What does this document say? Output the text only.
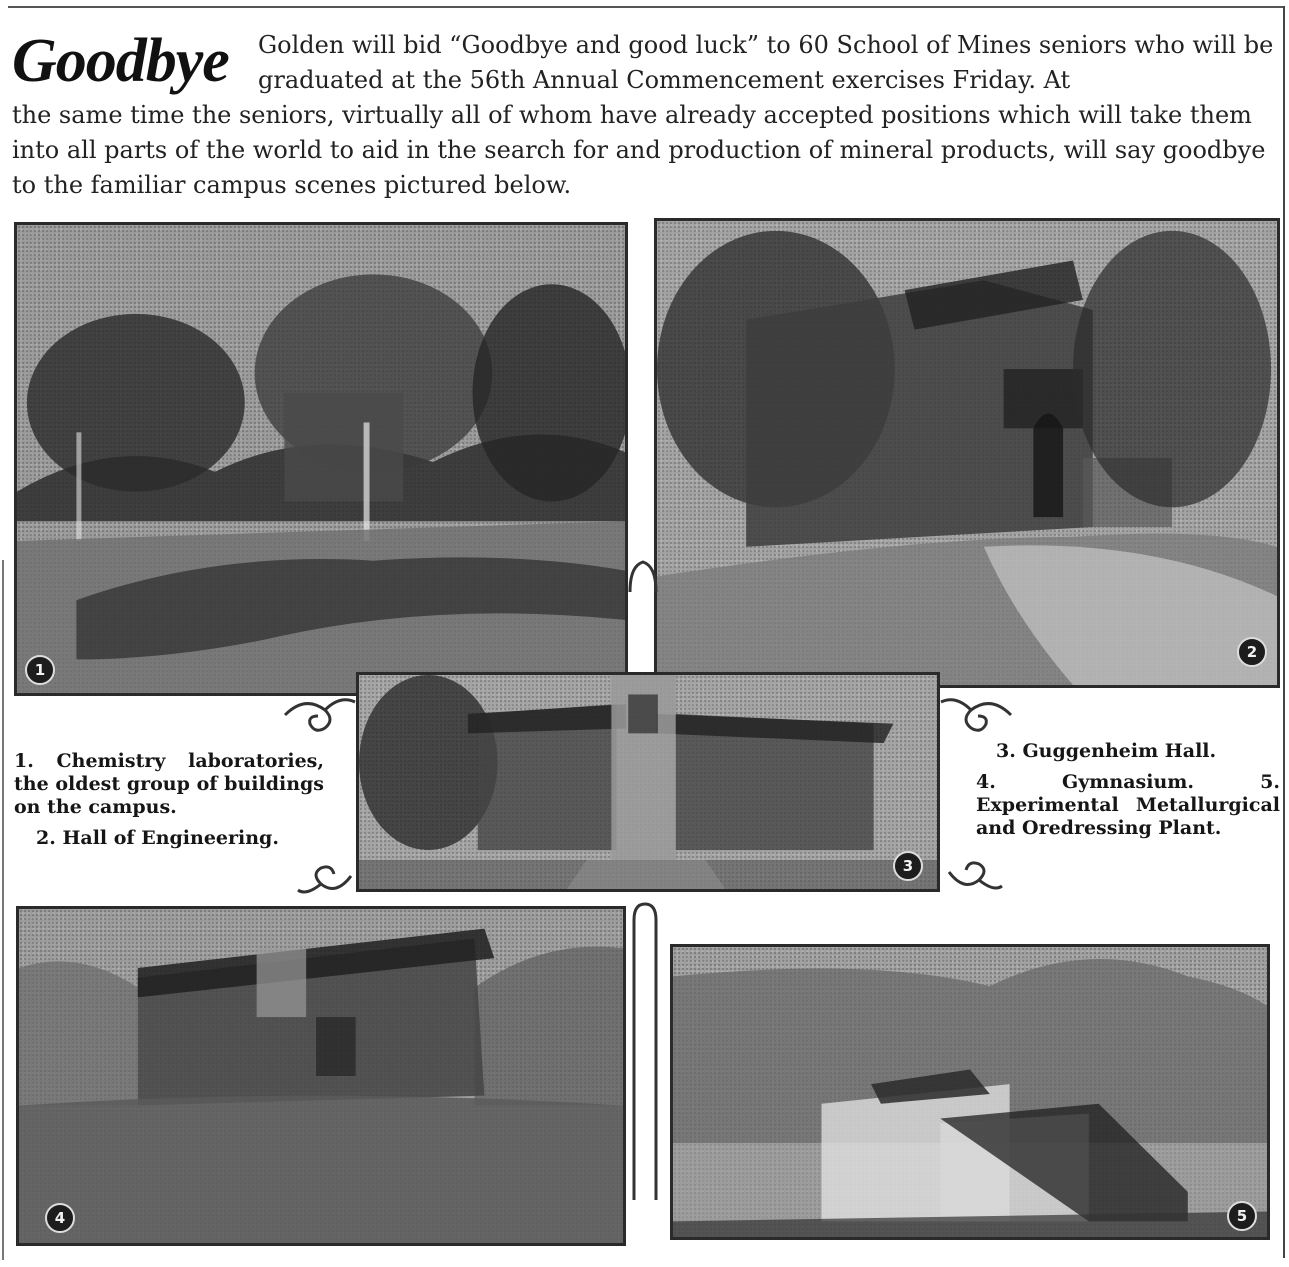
Goodbye Golden will bid “Goodbye and good luck” to 60 School of Mines seniors who will be graduated at the 56th Annual Commencement exercises Friday. At

the same time the seniors, virtually all of whom have already accepted positions which will take them into all parts of the world to aid in the search for and production of mineral products, will say goodbye to the familiar campus scenes pictured below.

1
2
3
4	5

1. Chemistry laboratories, the oldest group of buildings on the campus.

2. Hall of Engineering.

3. Guggenheim Hall.

4. Gymnasium. 5. Experimental Metallurgical and Oredressing Plant.
